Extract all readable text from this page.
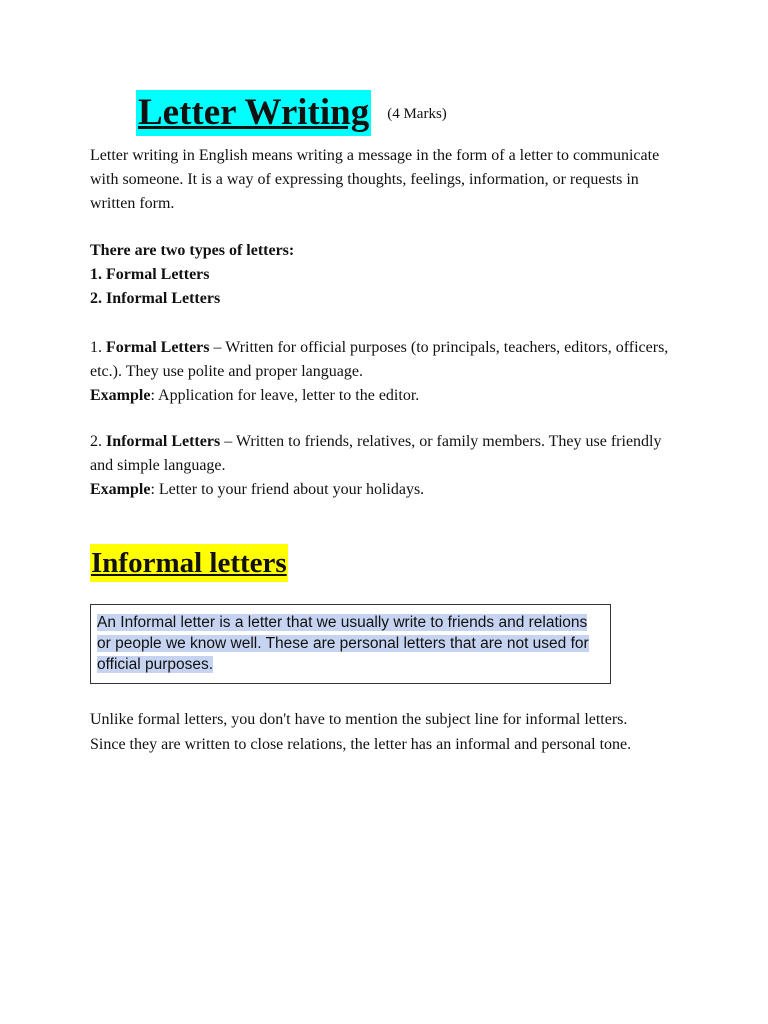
Letter Writing (4 Marks)

Letter writing in English means writing a message in the form of a letter to communicate with someone. It is a way of expressing thoughts, feelings, information, or requests in written form.

There are two types of letters:
1. Formal Letters
2. Informal Letters

1. Formal Letters – Written for official purposes (to principals, teachers, editors, officers, etc.). They use polite and proper language.
Example: Application for leave, letter to the editor.

2. Informal Letters – Written to friends, relatives, or family members. They use friendly and simple language.
Example: Letter to your friend about your holidays.

Informal letters
An Informal letter is a letter that we usually write to friends and relations or people we know well. These are personal letters that are not used for official purposes.

Unlike formal letters, you don't have to mention the subject line for informal letters. Since they are written to close relations, the letter has an informal and personal tone.
